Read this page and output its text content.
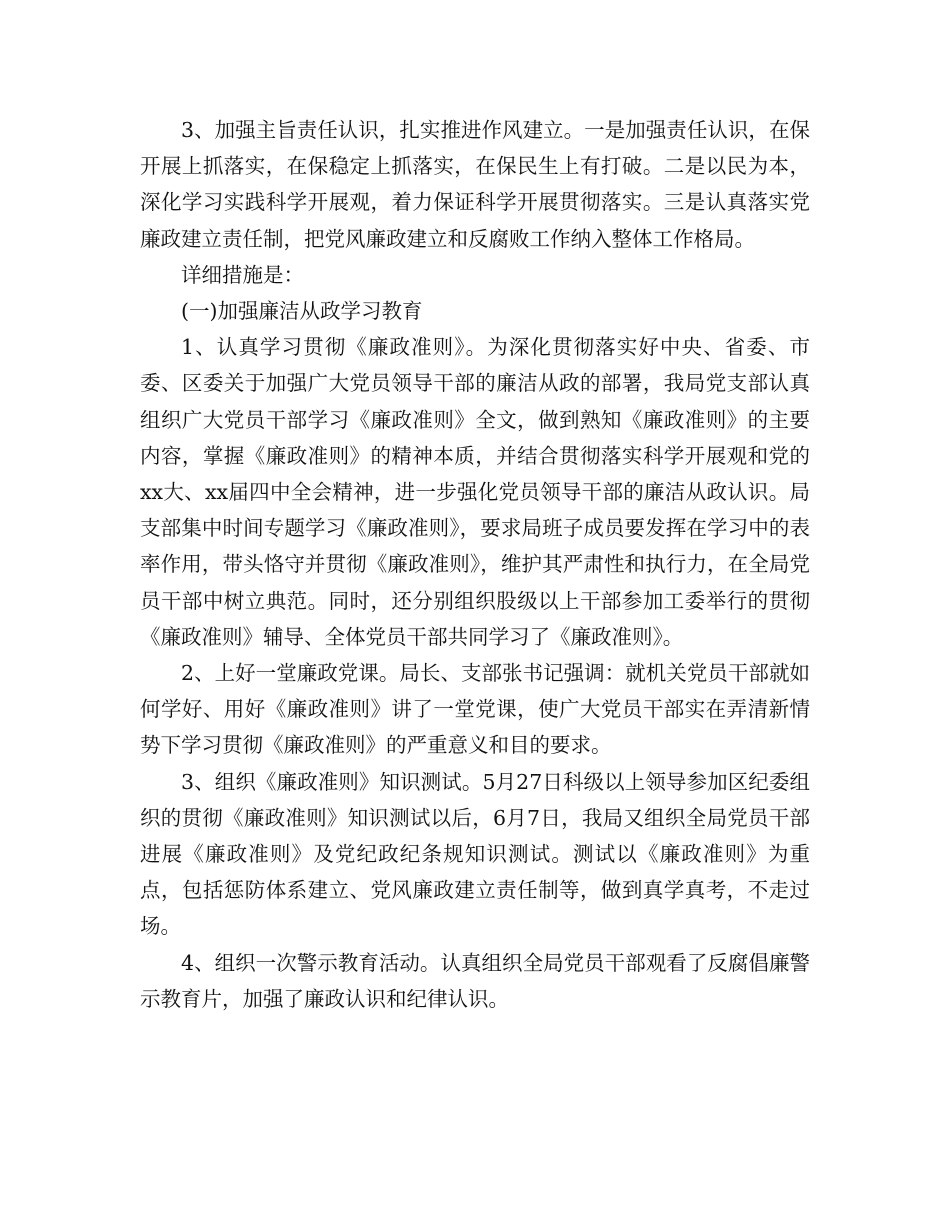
3、加强主旨责任认识，扎实推进作风建立。一是加强责任认识，在保开展上抓落实，在保稳定上抓落实，在保民生上有打破。二是以民为本，深化学习实践科学开展观，着力保证科学开展贯彻落实。三是认真落实党廉政建立责任制，把党风廉政建立和反腐败工作纳入整体工作格局。

详细措施是：

(一)加强廉洁从政学习教育

1、认真学习贯彻《廉政准则》。为深化贯彻落实好中央、省委、市委、区委关于加强广大党员领导干部的廉洁从政的部署，我局党支部认真组织广大党员干部学习《廉政准则》全文，做到熟知《廉政准则》的主要内容，掌握《廉政准则》的精神本质，并结合贯彻落实科学开展观和党的xx大、xx届四中全会精神，进一步强化党员领导干部的廉洁从政认识。局支部集中时间专题学习《廉政准则》，要求局班子成员要发挥在学习中的表率作用，带头恪守并贯彻《廉政准则》，维护其严肃性和执行力，在全局党员干部中树立典范。同时，还分别组织股级以上干部参加工委举行的贯彻《廉政准则》辅导、全体党员干部共同学习了《廉政准则》。

2、上好一堂廉政党课。局长、支部张书记强调：就机关党员干部就如何学好、用好《廉政准则》讲了一堂党课，使广大党员干部实在弄清新情势下学习贯彻《廉政准则》的严重意义和目的要求。

3、组织《廉政准则》知识测试。5月27日科级以上领导参加区纪委组织的贯彻《廉政准则》知识测试以后，6月7日，我局又组织全局党员干部进展《廉政准则》及党纪政纪条规知识测试。测试以《廉政准则》为重点，包括惩防体系建立、党风廉政建立责任制等，做到真学真考，不走过场。

4、组织一次警示教育活动。认真组织全局党员干部观看了反腐倡廉警示教育片，加强了廉政认识和纪律认识。
